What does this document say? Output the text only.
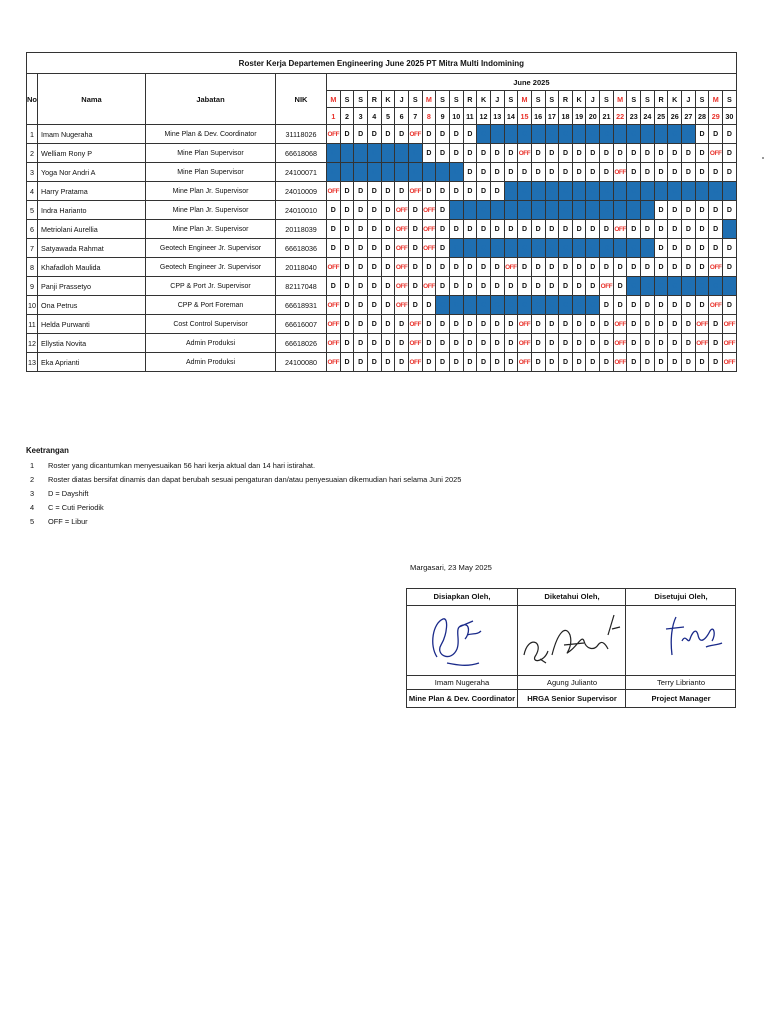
Roster Kerja Departemen Engineering June 2025 PT Mitra Multi Indomining																																	
No	Nama	Jabatan	NIK	June 2025																													
				M	S	S	R	K	J	S	M	S	S	R	K	J	S	M	S	S	R	K	J	S	M	S	S	R	K	J	S	M	S
				1	2	3	4	5	6	7	8	9	10	11	12	13	14	15	16	17	18	19	20	21	22	23	24	25	26	27	28	29	30
1	Imam Nugeraha	Mine Plan & Dev. Coordinator	31118026	OFF	D	D	D	D	D	OFF	D	D	D	D	C	C	C	C	C	C	C	C	C	C	C	C	C	C	C	C	D	D	D
2	Welliam Rony P	Mine Plan Supervisor	66618068	C	C	C	C	C	C	C	D	D	D	D	D	D	D	OFF	D	D	D	D	D	D	D	D	D	D	D	D	D	OFF	D
3	Yoga Nor Andri A	Mine Plan Supervisor	24100071	C	C	C	C	C	C	C	C	C	C	D	D	D	D	D	D	D	D	D	D	D	OFF	D	D	D	D	D	D	D	D
4	Harry Pratama	Mine Plan Jr. Supervisor	24010009	OFF	D	D	D	D	D	OFF	D	D	D	D	D	D	C	C	C	C	C	C	C	C	C	C	C	C	C	C	C	C	C
5	Indra Harianto	Mine Plan Jr. Supervisor	24010010	D	D	D	D	D	OFF	D	OFF	D	C	C	C	C	C	C	C	C	C	C	C	C	C	C	C	D	D	D	D	D	D
6	Metriolani Aurellia	Mine Plan Jr. Supervisor	20118039	D	D	D	D	D	OFF	D	OFF	D	D	D	D	D	D	D	D	D	D	D	D	D	OFF	D	D	D	D	D	D	D	C
7	Satyawada Rahmat	Geotech Engineer Jr. Supervisor	66618036	D	D	D	D	D	OFF	D	OFF	D	C	C	C	C	C	C	C	C	C	C	C	C	C	C	C	D	D	D	D	D	D
8	Khafadloh Maulida	Geotech Engineer Jr. Supervisor	20118040	OFF	D	D	D	D	OFF	D	D	D	D	D	D	D	OFF	D	D	D	D	D	D	D	D	D	D	D	D	D	D	OFF	D
9	Panji Prassetyo	CPP & Port Jr. Supervisor	82117048	D	D	D	D	D	OFF	D	OFF	D	D	D	D	D	D	D	D	D	D	D	D	OFF	D	C	C	C	C	C	C	C	C
10	Ona Petrus	CPP & Port Foreman	66618931	OFF	D	D	D	D	OFF	D	D	C	C	C	C	C	C	C	C	C	C	C	C	D	D	D	D	D	D	D	D	OFF	D
11	Helda Purwanti	Cost Control Supervisor	66616007	OFF	D	D	D	D	D	OFF	D	D	D	D	D	D	D	OFF	D	D	D	D	D	D	OFF	D	D	D	D	D	OFF	D	OFF
12	Ellystia Novita	Admin Produksi	66618026	OFF	D	D	D	D	D	OFF	D	D	D	D	D	D	D	OFF	D	D	D	D	D	D	OFF	D	D	D	D	D	OFF	D	OFF
13	Eka Aprianti	Admin Produksi	24100080	OFF	D	D	D	D	D	OFF	D	D	D	D	D	D	D	OFF	D	D	D	D	D	D	OFF	D	D	D	D	D	D	D	OFF
Keetrangan
1	Roster yang dicantumkan menyesuaikan 56 hari kerja aktual dan 14 hari istirahat.
2	Roster diatas bersifat dinamis dan dapat berubah sesuai pengaturan dan/atau penyesuaian dikemudian hari selama Juni 2025
3	D = Dayshift
4	C = Cuti Periodik
5	OFF = Libur
Margasari, 23 May 2025
Disiapkan Oleh,
Imam Nugeraha
Mine Plan & Dev. Coordinator
Diketahui Oleh,
Agung Julianto
HRGA Senior Supervisor
Disetujui Oleh,
Terry Librianto
Project Manager
